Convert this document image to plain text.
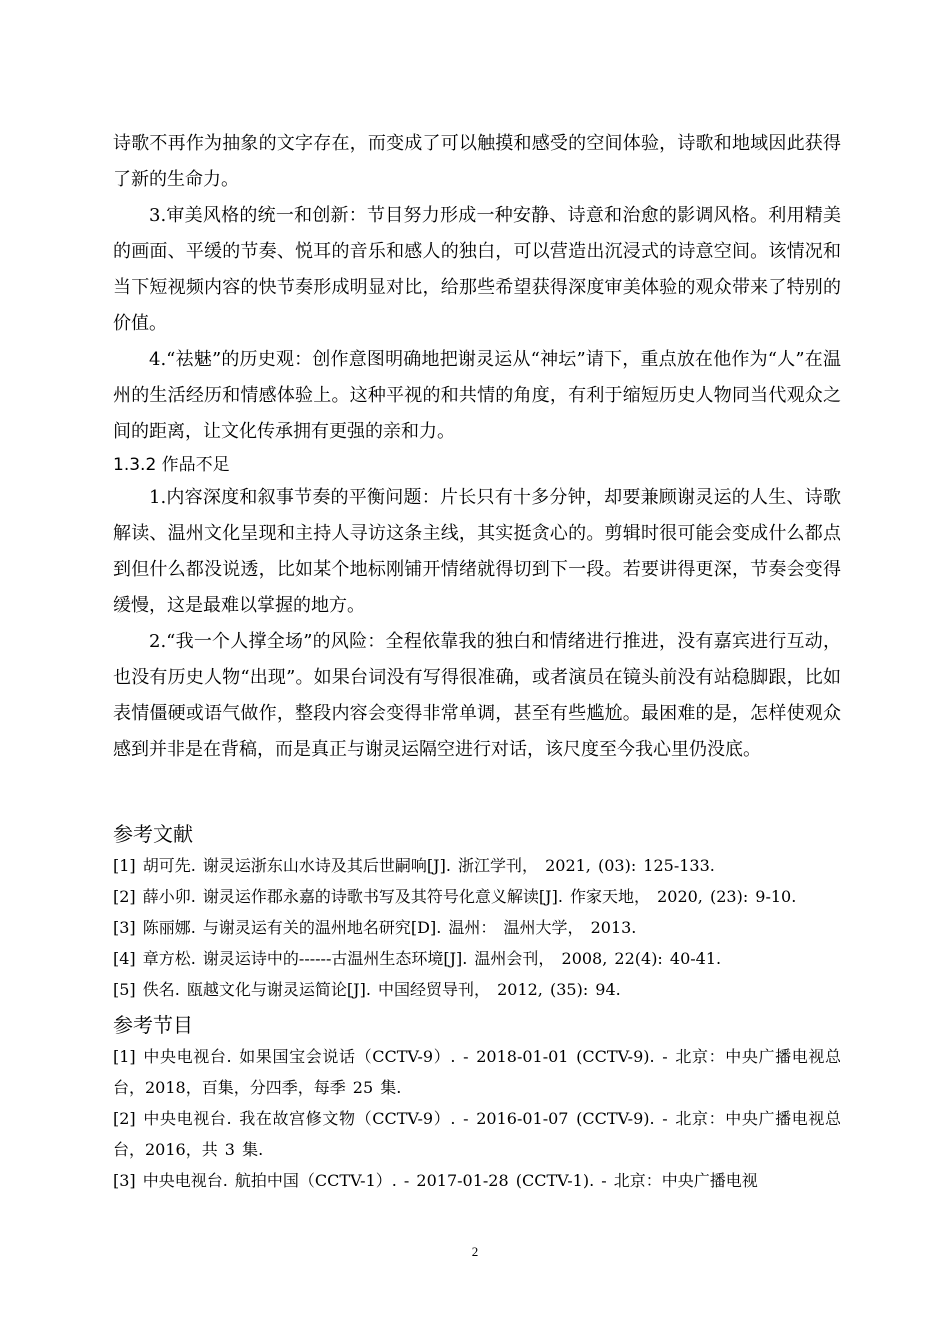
诗歌不再作为抽象的文字存在，而变成了可以触摸和感受的空间体验，诗歌和地域因此获得了新的生命力。

3.审美风格的统一和创新：节目努力形成一种安静、诗意和治愈的影调风格。利用精美的画面、平缓的节奏、悦耳的音乐和感人的独白，可以营造出沉浸式的诗意空间。该情况和当下短视频内容的快节奏形成明显对比，给那些希望获得深度审美体验的观众带来了特别的价值。

4.“祛魅”的历史观：创作意图明确地把谢灵运从“神坛”请下，重点放在他作为“人”在温州的生活经历和情感体验上。这种平视的和共情的角度，有利于缩短历史人物同当代观众之间的距离，让文化传承拥有更强的亲和力。

1.3.2 作品不足

1.内容深度和叙事节奏的平衡问题：片长只有十多分钟，却要兼顾谢灵运的人生、诗歌解读、温州文化呈现和主持人寻访这条主线，其实挺贪心的。剪辑时很可能会变成什么都点到但什么都没说透，比如某个地标刚铺开情绪就得切到下一段。若要讲得更深，节奏会变得缓慢，这是最难以掌握的地方。

2.“我一个人撑全场”的风险：全程依靠我的独白和情绪进行推进，没有嘉宾进行互动，也没有历史人物“出现”。如果台词没有写得很准确，或者演员在镜头前没有站稳脚跟，比如表情僵硬或语气做作，整段内容会变得非常单调，甚至有些尴尬。最困难的是，怎样使观众感到并非是在背稿，而是真正与谢灵运隔空进行对话，该尺度至今我心里仍没底。

参考文献

[1] 胡可先. 谢灵运浙东山水诗及其后世嗣响[J]. 浙江学刊， 2021, (03): 125-133.

[2] 薛小卯. 谢灵运作郡永嘉的诗歌书写及其符号化意义解读[J]. 作家天地， 2020, (23): 9-10.

[3] 陈丽娜. 与谢灵运有关的温州地名研究[D]. 温州： 温州大学， 2013.

[4] 章方松. 谢灵运诗中的------古温州生态环境[J]. 温州会刊， 2008, 22(4): 40-41.

[5] 佚名. 瓯越文化与谢灵运简论[J]. 中国经贸导刊， 2012, (35): 94.

参考节目

[1] 中央电视台. 如果国宝会说话（CCTV-9）. - 2018-01-01 (CCTV-9). - 北京：中央广播电视总台，2018，百集，分四季，每季 25 集.

[2] 中央电视台. 我在故宫修文物（CCTV-9）. - 2016-01-07 (CCTV-9). - 北京：中央广播电视总台，2016，共 3 集.

[3] 中央电视台. 航拍中国（CCTV-1）. - 2017-01-28 (CCTV-1). - 北京：中央广播电视

2
